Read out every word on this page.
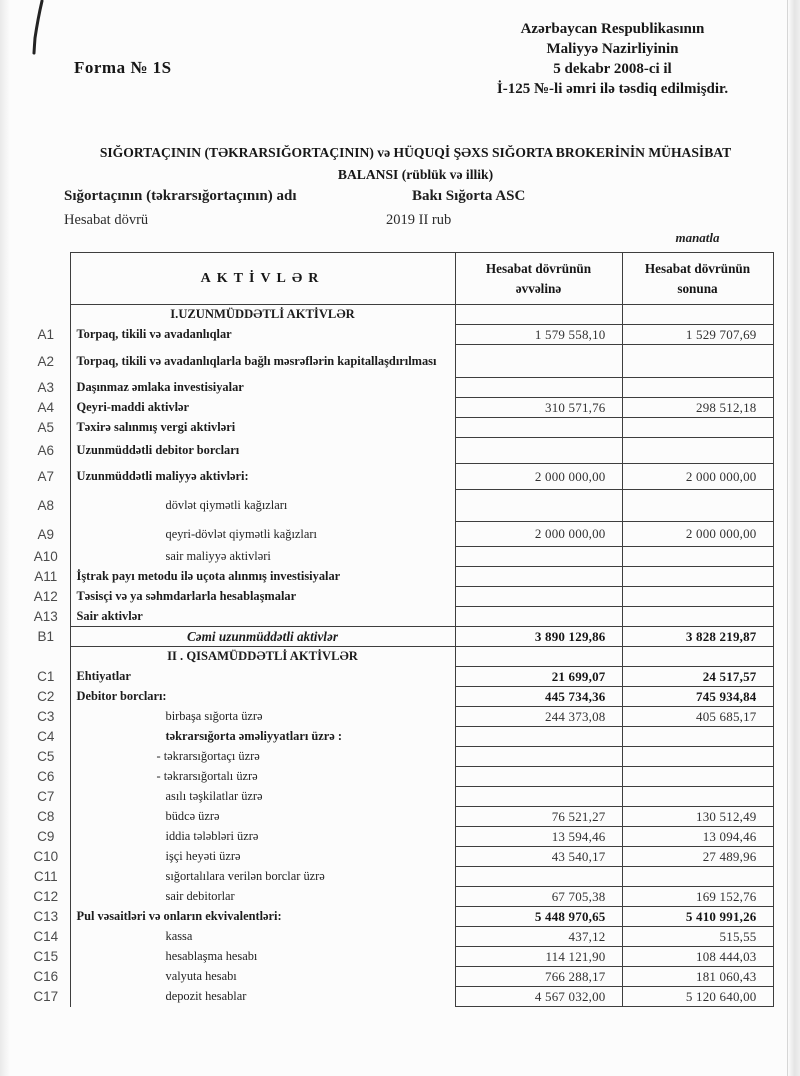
Forma № 1S
Azərbaycan Respublikasının
Maliyyə Nazirliyinin
5 dekabr 2008-ci il
İ-125 №-li əmri ilə təsdiq edilmişdir.
SIĞORTAÇININ (TƏKRARSIĞORTAÇININ) və HÜQUQİ ŞƏXS SIĞORTA BROKERİNİN MÜHASİBAT
BALANSI (rüblük və illik)
Sığortaçının (təkrarsığortaçının) adı	Bakı Sığorta ASC
Hesabat dövrü	2019 II rub
manatla
	AKTİVLƏR	Hesabat dövrünün əvvəlinə	Hesabat dövrünün sonuna
	I.UZUNMÜDDƏTLİ AKTİVLƏR		
A1	Torpaq, tikili və avadanlıqlar	1 579 558,10	1 529 707,69
A2	Torpaq, tikili və avadanlıqlarla bağlı məsrəflərin kapitallaşdırılması		
A3	Daşınmaz əmlaka investisiyalar		
A4	Qeyri-maddi aktivlər	310 571,76	298 512,18
A5	Təxirə salınmış vergi aktivləri		
A6	Uzunmüddətli debitor borcları		
A7	Uzunmüddətli maliyyə aktivləri:	2 000 000,00	2 000 000,00
A8	dövlət qiymətli kağızları		
A9	qeyri-dövlət qiymətli kağızları	2 000 000,00	2 000 000,00
A10	sair maliyyə aktivləri		
A11	İştrak payı metodu ilə uçota alınmış investisiyalar		
A12	Təsisçi və ya səhmdarlarla hesablaşmalar		
A13	Sair aktivlər		
B1	Cəmi uzunmüddətli aktivlər	3 890 129,86	3 828 219,87
	II . QISAMÜDDƏTLİ AKTİVLƏR		
C1	Ehtiyatlar	21 699,07	24 517,57
C2	Debitor borcları:	445 734,36	745 934,84
C3	birbaşa sığorta üzrə	244 373,08	405 685,17
C4	təkrarsığorta əməliyyatları üzrə :		
C5	- təkrarsığortaçı üzrə		
C6	- təkrarsığortalı üzrə		
C7	asılı təşkilatlar üzrə		
C8	büdcə üzrə	76 521,27	130 512,49
C9	iddia tələbləri üzrə	13 594,46	13 094,46
C10	işçi heyəti üzrə	43 540,17	27 489,96
C11	sığortalılara verilən borclar üzrə		
C12	sair debitorlar	67 705,38	169 152,76
C13	Pul vəsaitləri və onların ekvivalentləri:	5 448 970,65	5 410 991,26
C14	kassa	437,12	515,55
C15	hesablaşma hesabı	114 121,90	108 444,03
C16	valyuta hesabı	766 288,17	181 060,43
C17	depozit hesablar	4 567 032,00	5 120 640,00
